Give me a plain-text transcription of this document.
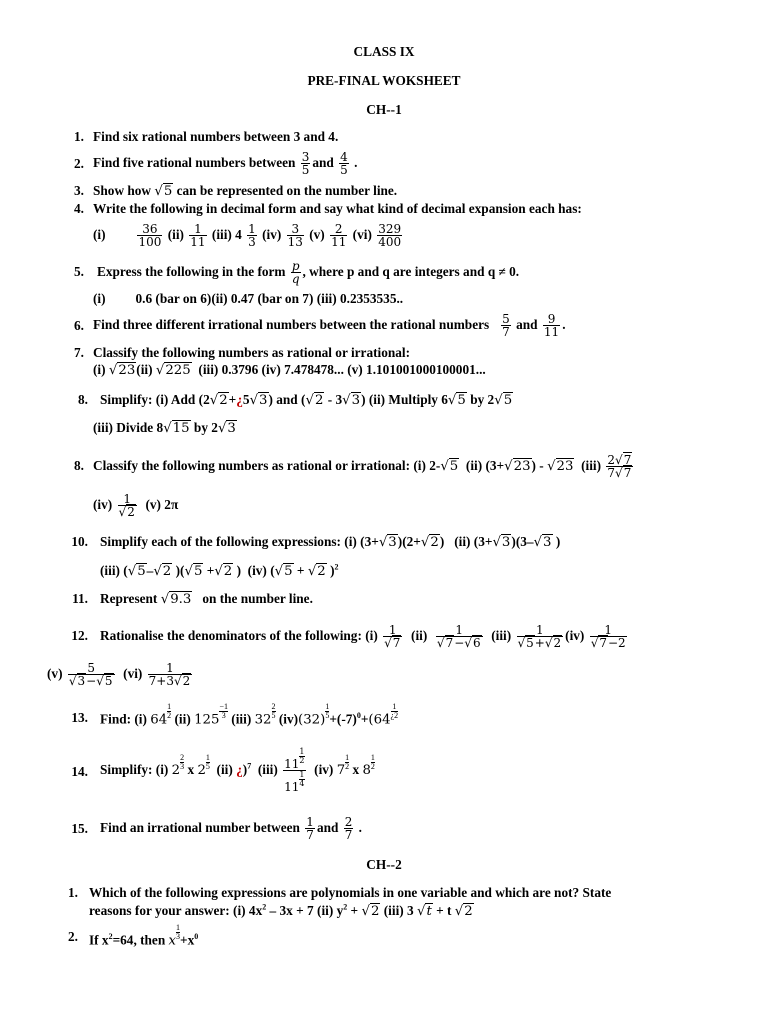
CLASS IX
PRE-FINAL WOKSHEET
CH--1
1. Find six rational numbers between 3 and 4.
2. Find five rational numbers between $\frac{3}{5}$ and $\frac{4}{5}$ .
3. Show how √5 can be represented on the number line.
4. Write the following in decimal form and say what kind of decimal expansion each has:
$(i) \frac{36}{100} (ii) \frac{1}{11} (iii)$ $4 \frac{1}{3} (iv) \frac{3}{13} (v) \frac{2}{11} (vi) \frac{329}{400}$
5. Express the following in the form $\frac{p}{q}$ , where p and q are integers and q ≠ 0.
(i)         0.6 (bar on 6)(ii) 0.47 (bar on 7) (iii) 0.2353535..
6. Find three different irrational numbers between the rational numbers $\frac{5}{7}$ and $\frac{9}{11}$ .
7. Classify the following numbers as rational or irrational:
(i) √23(ii) √225 (iii) 0.3796 (iv) 7.478478... (v) 1.101001000100001...
8. Simplify: (i) Add (2√2+¿5√3) and (√2 - 3√3) (ii) Multiply 6√5 by 2√5
(iii) Divide 8√15 by 2√3
8. Classify the following numbers as rational or irrational: (i) 2-√5  (ii) (3+√23) - √23  $(iii) \frac{2√7}{7√7}$
$(iv) \frac{1}{√2} (v)$ 2π
10. Simplify each of the following expressions: (i) (3+√3)(2+√2)   (ii) (3+√3)(3–√3 )
(iii) (√5–√2 )(√5 +√2 )  (iv) (√5 + √2 )$^2$
11. Represent √9.3 on the number line.
12. Rationalise the denominators of the following: $(i) \frac{1}{√7} (ii) \frac{1}{√7-√6} (iii) \frac{1}{√5+√2} (iv) \frac{1}{√7-2}$
$(v) \frac{5}{√3-√5} (vi) \frac{1}{7+3√2}$
13. Find: (i) $64 \frac{1}{2} (ii)$ $125 \frac{-1}{3} (iii)$ $32 \frac{2}{5} (iv)(32) \frac{1}{5} +(-7)^0+(64 \frac{1}{¿2}$
14. Simplify: (i) $2 \frac{2}{3}$ x $2 \frac{1}{5} (ii)$ ¿)$^7$  $(iii) \frac{11 \frac{1}{2}}{11 \frac{1}{4}} (iv)$ $7 \frac{1}{2}$ x $8 \frac{1}{2}$
15. Find an irrational number between $\frac{1}{7}$ and $\frac{2}{7}$ .
CH--2
1. Which of the following expressions are polynomials in one variable and which are not? State
reasons for your answer: (i) $4x^2 - 3x + 7$ (ii) $y^2 + √2$ (iii) 3 √t + t √2
2. If $x^2=64$, then x $\frac{1}{3} +x^0$
